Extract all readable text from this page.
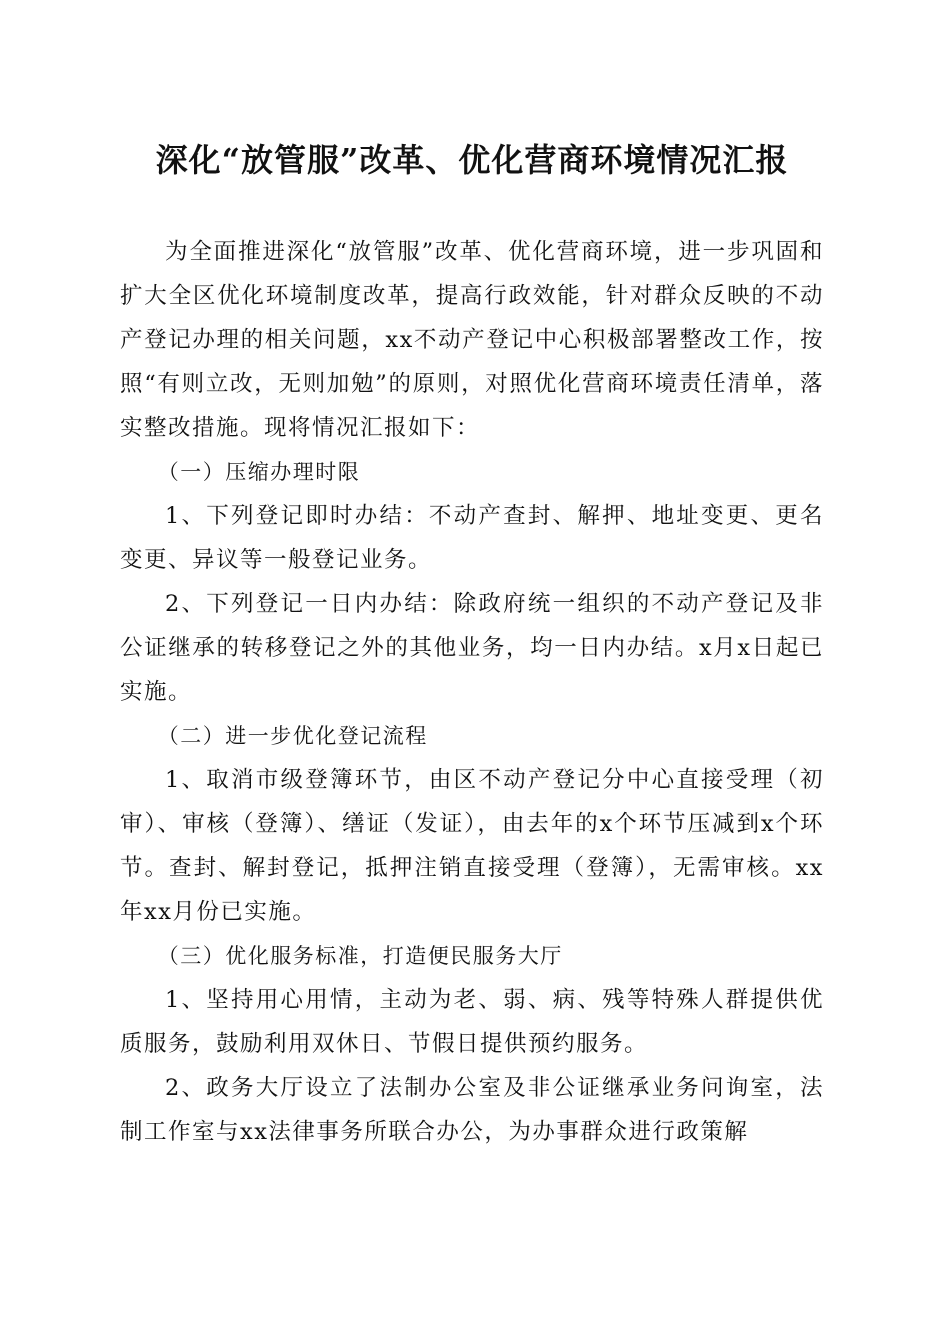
深化“放管服”改革、优化营商环境情况汇报

为全面推进深化“放管服”改革、优化营商环境，进一步巩固和扩大全区优化环境制度改革，提高行政效能，针对群众反映的不动产登记办理的相关问题，xx不动产登记中心积极部署整改工作，按照“有则立改，无则加勉”的原则，对照优化营商环境责任清单，落实整改措施。现将情况汇报如下：

（一）压缩办理时限

1、下列登记即时办结：不动产查封、解押、地址变更、更名变更、异议等一般登记业务。

2、下列登记一日内办结：除政府统一组织的不动产登记及非公证继承的转移登记之外的其他业务，均一日内办结。x月x日起已实施。

（二）进一步优化登记流程

1、取消市级登簿环节，由区不动产登记分中心直接受理（初审）、审核（登簿）、缮证（发证），由去年的x个环节压减到x个环节。查封、解封登记，抵押注销直接受理（登簿），无需审核。xx年xx月份已实施。

（三）优化服务标准，打造便民服务大厅

1、坚持用心用情，主动为老、弱、病、残等特殊人群提供优质服务，鼓励利用双休日、节假日提供预约服务。

2、政务大厅设立了法制办公室及非公证继承业务问询室，法制工作室与xx法律事务所联合办公，为办事群众进行政策解
